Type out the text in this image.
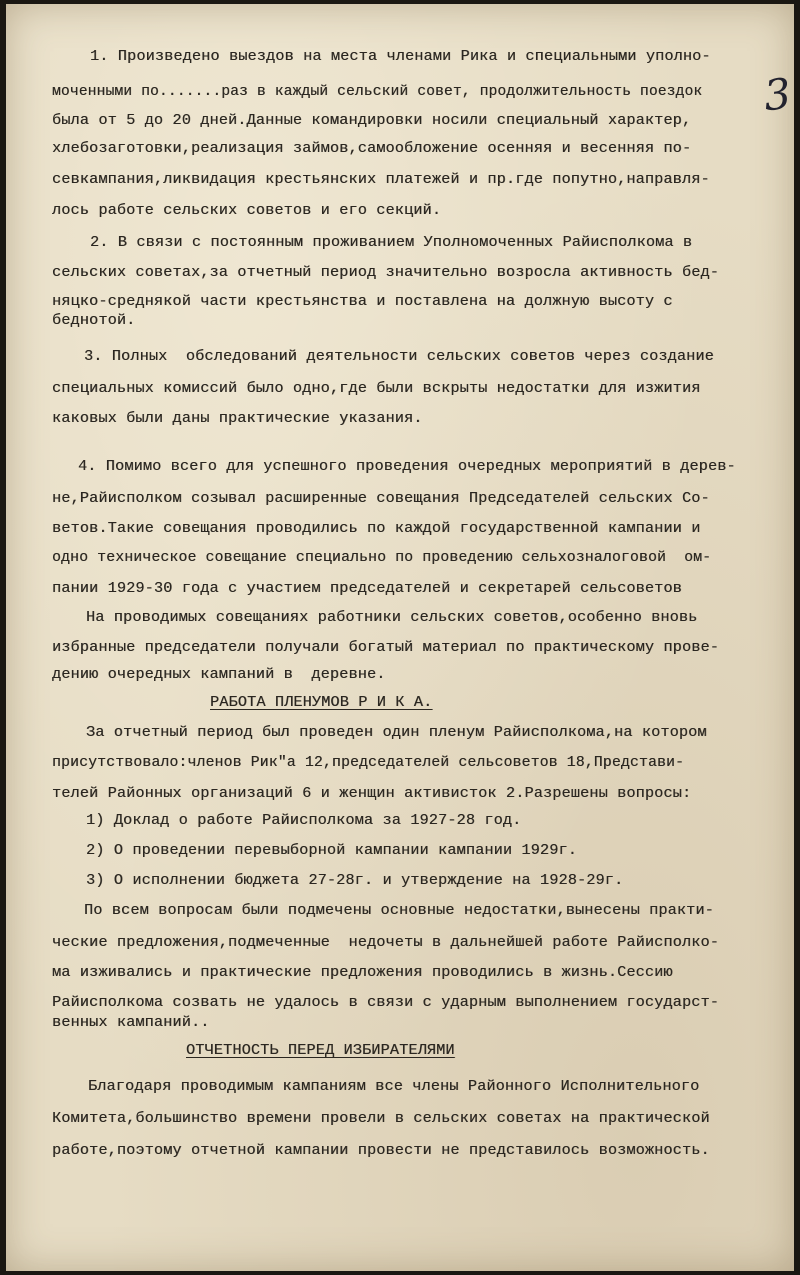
3
1. Произведено выездов на места членами Рика и специальными уполно-
моченными по.......раз в каждый сельский совет, продолжительность поездок
была от 5 до 20 дней.Данные командировки носили специальный характер,
хлебозаготовки,реализация займов,самообложение осенняя и весенняя по-
севкампания,ликвидация крестьянских платежей и пр.где попутно,направля-
лось работе сельских советов и его секций.
2. В связи с постоянным проживанием Уполномоченных Райисполкома в
сельских советах,за отчетный период значительно возросла активность бед-
няцко-среднякой части крестьянства и поставлена на должную высоту с
беднотой.
3. Полных  обследований деятельности сельских советов через создание
специальных комиссий было одно,где были вскрыты недостатки для изжития
каковых были даны практические указания.
4. Помимо всего для успешного проведения очередных мероприятий в дерев-
не,Райисполком созывал расширенные совещания Председателей сельских Со-
ветов.Такие совещания проводились по каждой государственной кампании и
одно техническое совещание специально по проведению сельхозналоговой  ом-
пании 1929-30 года с участием председателей и секретарей сельсоветов
На проводимых совещаниях работники сельских советов,особенно вновь
избранные председатели получали богатый материал по практическому прове-
дению очередных кампаний в  деревне.
РАБОТА ПЛЕНУМОВ Р И К А.
За отчетный период был проведен один пленум Райисполкома,на котором
присутствовало:членов Рик"а 12,председателей сельсоветов 18,Представи-
телей Районных организаций 6 и женщин активисток 2.Разрешены вопросы:
1) Доклад о работе Райисполкома за 1927-28 год.
2) О проведении перевыборной кампании кампании 1929г.
3) О исполнении бюджета 27-28г. и утверждение на 1928-29г.
По всем вопросам были подмечены основные недостатки,вынесены практи-
ческие предложения,подмеченные  недочеты в дальнейшей работе Райисполко-
ма изживались и практические предложения проводились в жизнь.Сессию
Райисполкома созвать не удалось в связи с ударным выполнением государст-
венных кампаний..
ОТЧЕТНОСТЬ ПЕРЕД ИЗБИРАТЕЛЯМИ
Благодаря проводимым кампаниям все члены Районного Исполнительного
Комитета,большинство времени провели в сельских советах на практической
работе,поэтому отчетной кампании провести не представилось возможность.
